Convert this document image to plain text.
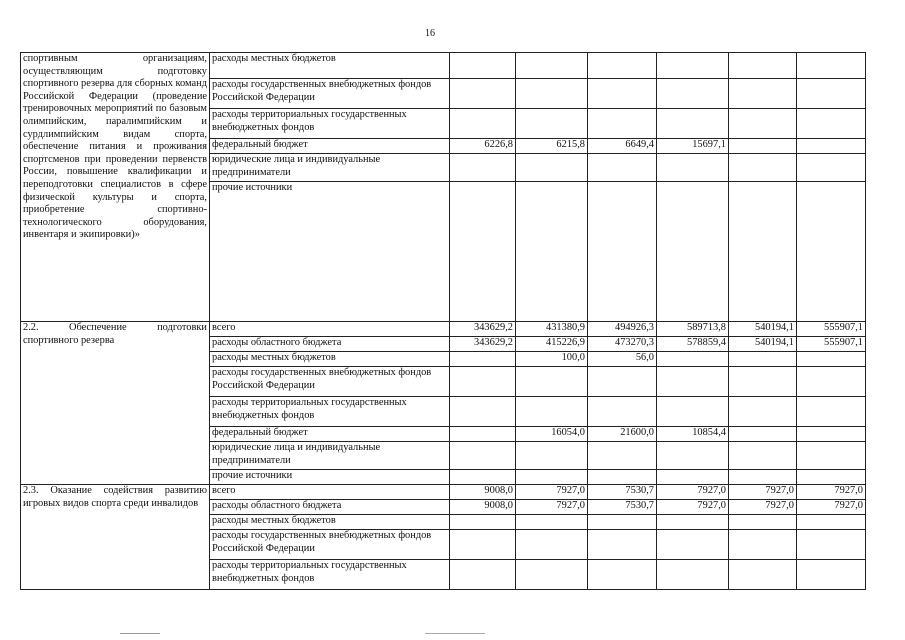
16
спортивным организациям, осуществляющим подготовку спортивного резерва для сборных команд Российской Федерации (проведение тренировочных мероприятий по базовым олимпийским, паралимпийским и сурдлимпийским видам спорта, обеспечение питания и проживания спортсменов при проведении первенств России, повышение квалификации и переподготовки специалистов в сфере физической культуры и спорта, приобретение спортивно-технологического оборудования, инвентаря и экипировки)»	расходы местных бюджетов						
	расходы государственных внебюджетных фондов Российской Федерации						
	расходы территориальных государственных внебюджетных фондов						
	федеральный бюджет	6226,8	6215,8	6649,4	15697,1		
	юридические лица и индивидуальные предприниматели						
	прочие источники						
2.2. Обеспечение подготовки спортивного резерва	всего	343629,2	431380,9	494926,3	589713,8	540194,1	555907,1
	расходы областного бюджета	343629,2	415226,9	473270,3	578859,4	540194,1	555907,1
	расходы местных бюджетов		100,0	56,0			
	расходы государственных внебюджетных фондов Российской Федерации						
	расходы территориальных государственных внебюджетных фондов						
	федеральный бюджет		16054,0	21600,0	10854,4		
	юридические лица и индивидуальные предприниматели						
	прочие источники						
2.3. Оказание содействия развитию игровых видов спорта среди инвалидов	всего	9008,0	7927,0	7530,7	7927,0	7927,0	7927,0
	расходы областного бюджета	9008,0	7927,0	7530,7	7927,0	7927,0	7927,0
	расходы местных бюджетов						
	расходы государственных внебюджетных фондов Российской Федерации						
	расходы территориальных государственных внебюджетных фондов						
